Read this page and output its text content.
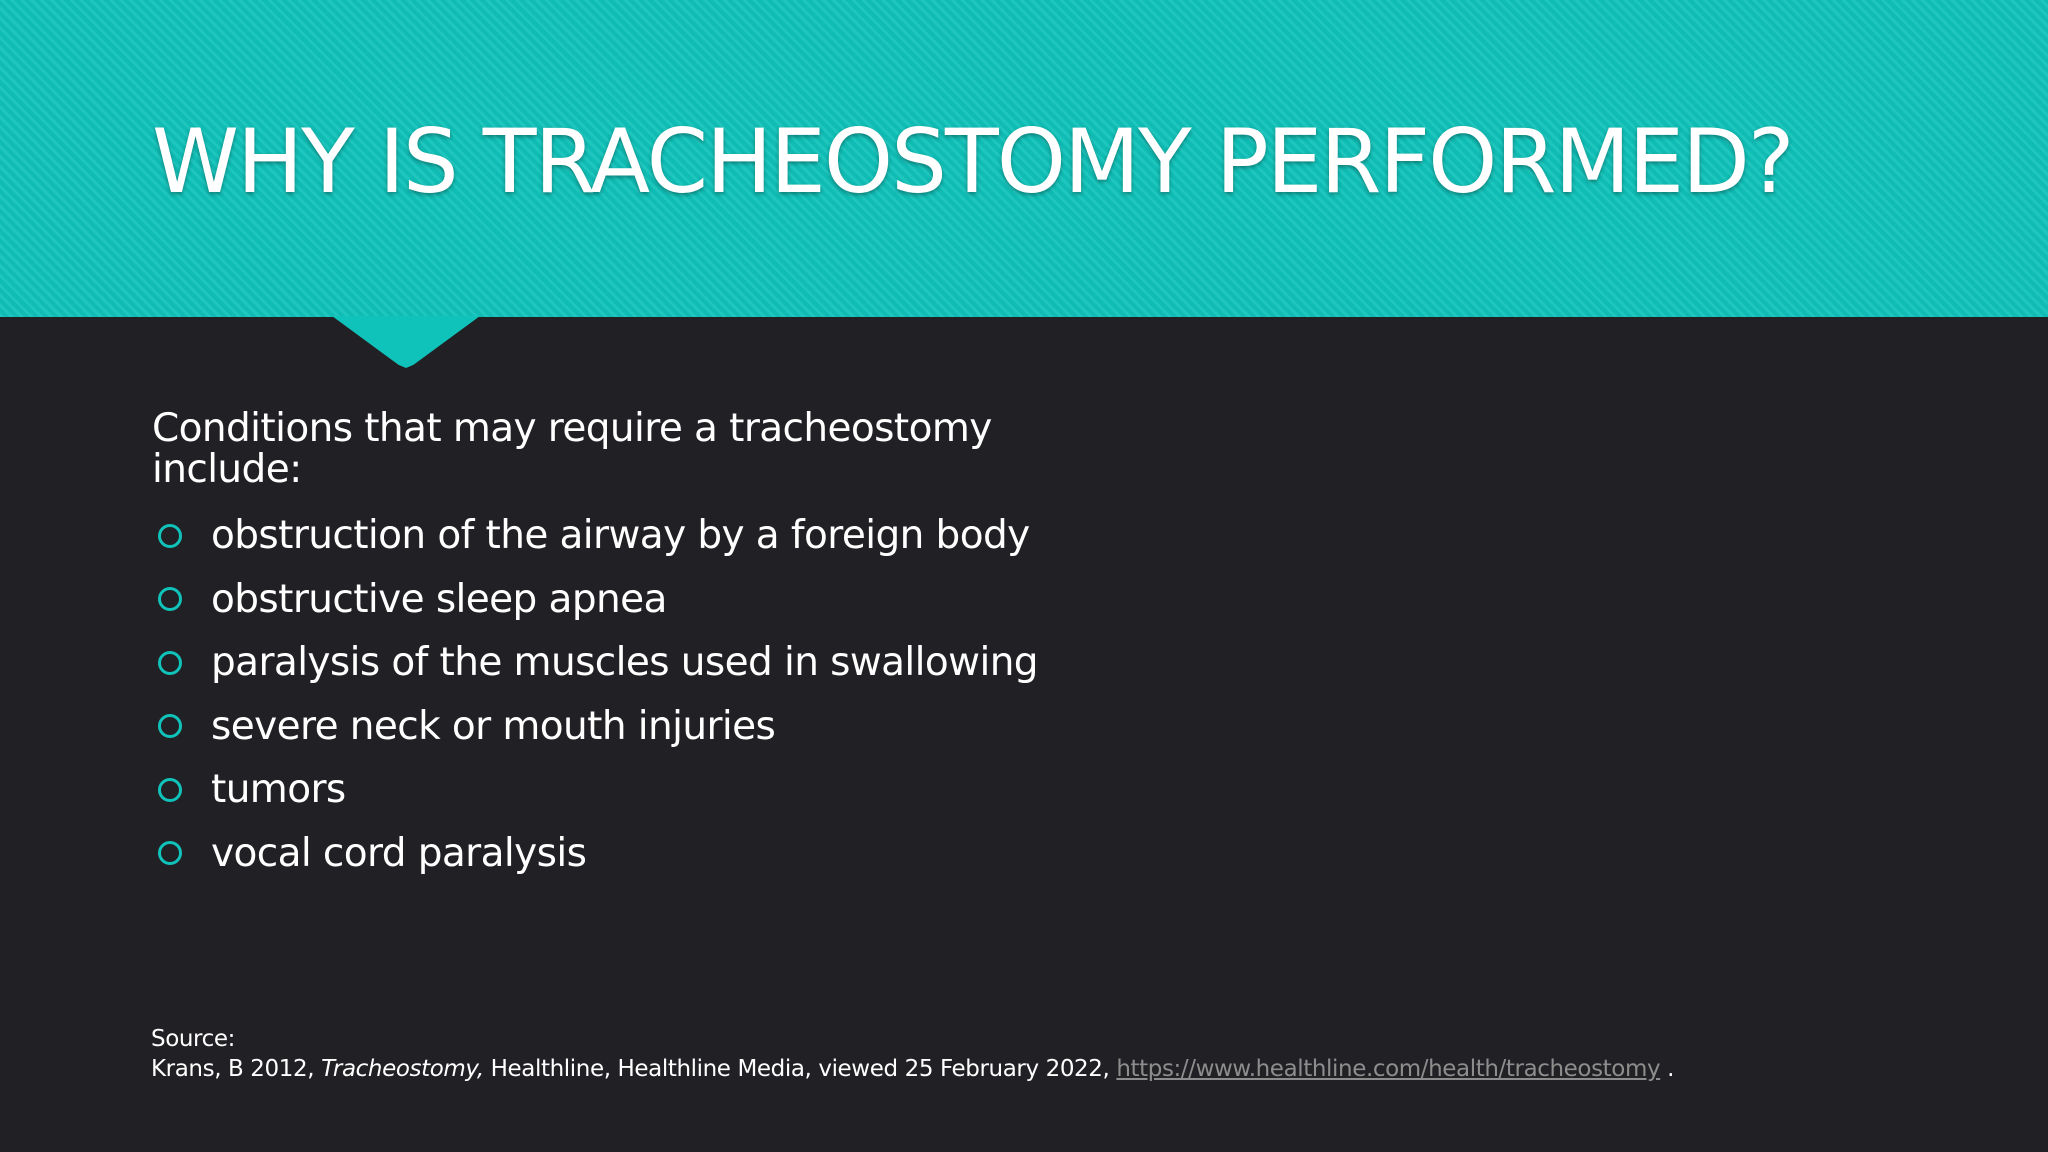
WHY IS TRACHEOSTOMY PERFORMED?

Conditions that may require a tracheostomy include:

obstruction of the airway by a foreign body
obstructive sleep apnea
paralysis of the muscles used in swallowing
severe neck or mouth injuries
tumors
vocal cord paralysis
Source:
Krans, B 2012, Tracheostomy, Healthline, Healthline Media, viewed 25 February 2022, https://www.healthline.com/health/tracheostomy .
